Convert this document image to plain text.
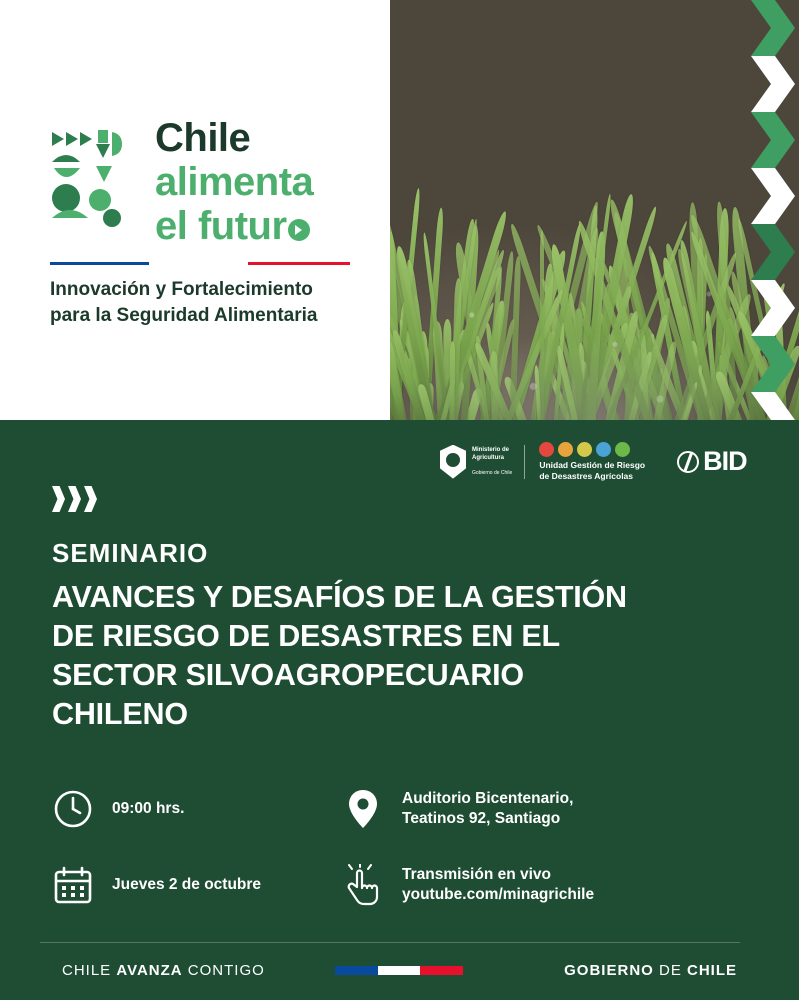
Chile
alimenta
el futur
Innovación y Fortalecimiento
para la Seguridad Alimentaria
Ministerio de
Agricultura
Gobierno de Chile
Unidad Gestión de Riesgo
de Desastres Agrícolas	BID
SEMINARIO
AVANCES Y DESAFÍOS DE LA GESTIÓN
DE RIESGO DE DESASTRES EN EL
SECTOR SILVOAGROPECUARIO
CHILENO
09:00 hrs.
Auditorio Bicentenario,
Teatinos 92, Santiago
Jueves 2 de octubre
Transmisión en vivo
youtube.com/minagrichile
CHILE AVANZA CONTIGO	GOBIERNO DE CHILE
